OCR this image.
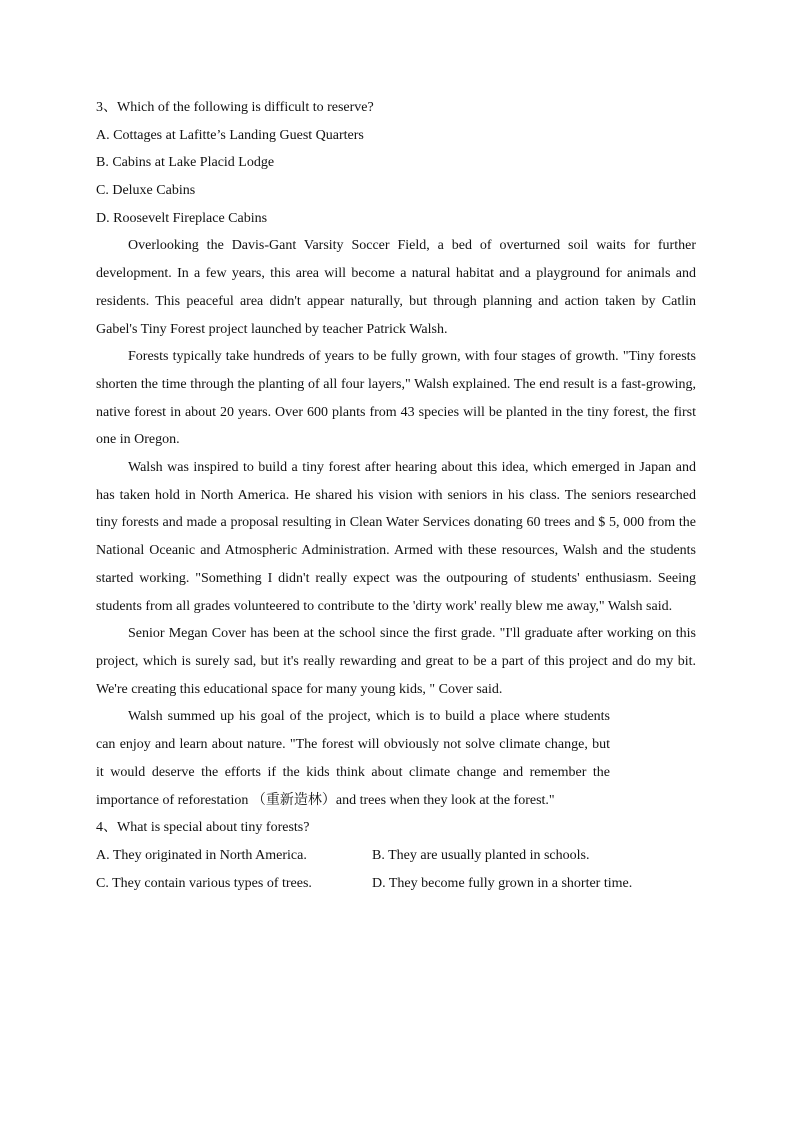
3、Which of the following is difficult to reserve?

A. Cottages at Lafitte’s Landing Guest Quarters

B. Cabins at Lake Placid Lodge

C. Deluxe Cabins

D. Roosevelt Fireplace Cabins

Overlooking the Davis-Gant Varsity Soccer Field, a bed of overturned soil waits for further development. In a few years, this area will become a natural habitat and a playground for animals and residents. This peaceful area didn't appear naturally, but through planning and action taken by Catlin Gabel's Tiny Forest project launched by teacher Patrick Walsh.

Forests typically take hundreds of years to be fully grown, with four stages of growth. "Tiny forests shorten the time through the planting of all four layers," Walsh explained. The end result is a fast-growing, native forest in about 20 years. Over 600 plants from 43 species will be planted in the tiny forest, the first one in Oregon.

Walsh was inspired to build a tiny forest after hearing about this idea, which emerged in Japan and has taken hold in North America. He shared his vision with seniors in his class. The seniors researched tiny forests and made a proposal resulting in Clean Water Services donating 60 trees and $ 5, 000 from the National Oceanic and Atmospheric Administration. Armed with these resources, Walsh and the students started working. "Something I didn't really expect was the outpouring of students' enthusiasm. Seeing students from all grades volunteered to contribute to the 'dirty work' really blew me away," Walsh said.

Senior Megan Cover has been at the school since the first grade. "I'll graduate after working on this project, which is surely sad, but it's really rewarding and great to be a part of this project and do my bit. We're creating this educational space for many young kids, " Cover said.

Walsh summed up his goal of the project, which is to build a place where students can enjoy and learn about nature. "The forest will obviously not solve climate change, but it would deserve the efforts if the kids think about climate change and remember the importance of reforestation （重新造林）and trees when they look at the forest."

4、What is special about tiny forests?

A. They originated in North America.	B. They are usually planted in schools.
C. They contain various types of trees.	D. They become fully grown in a shorter time.
